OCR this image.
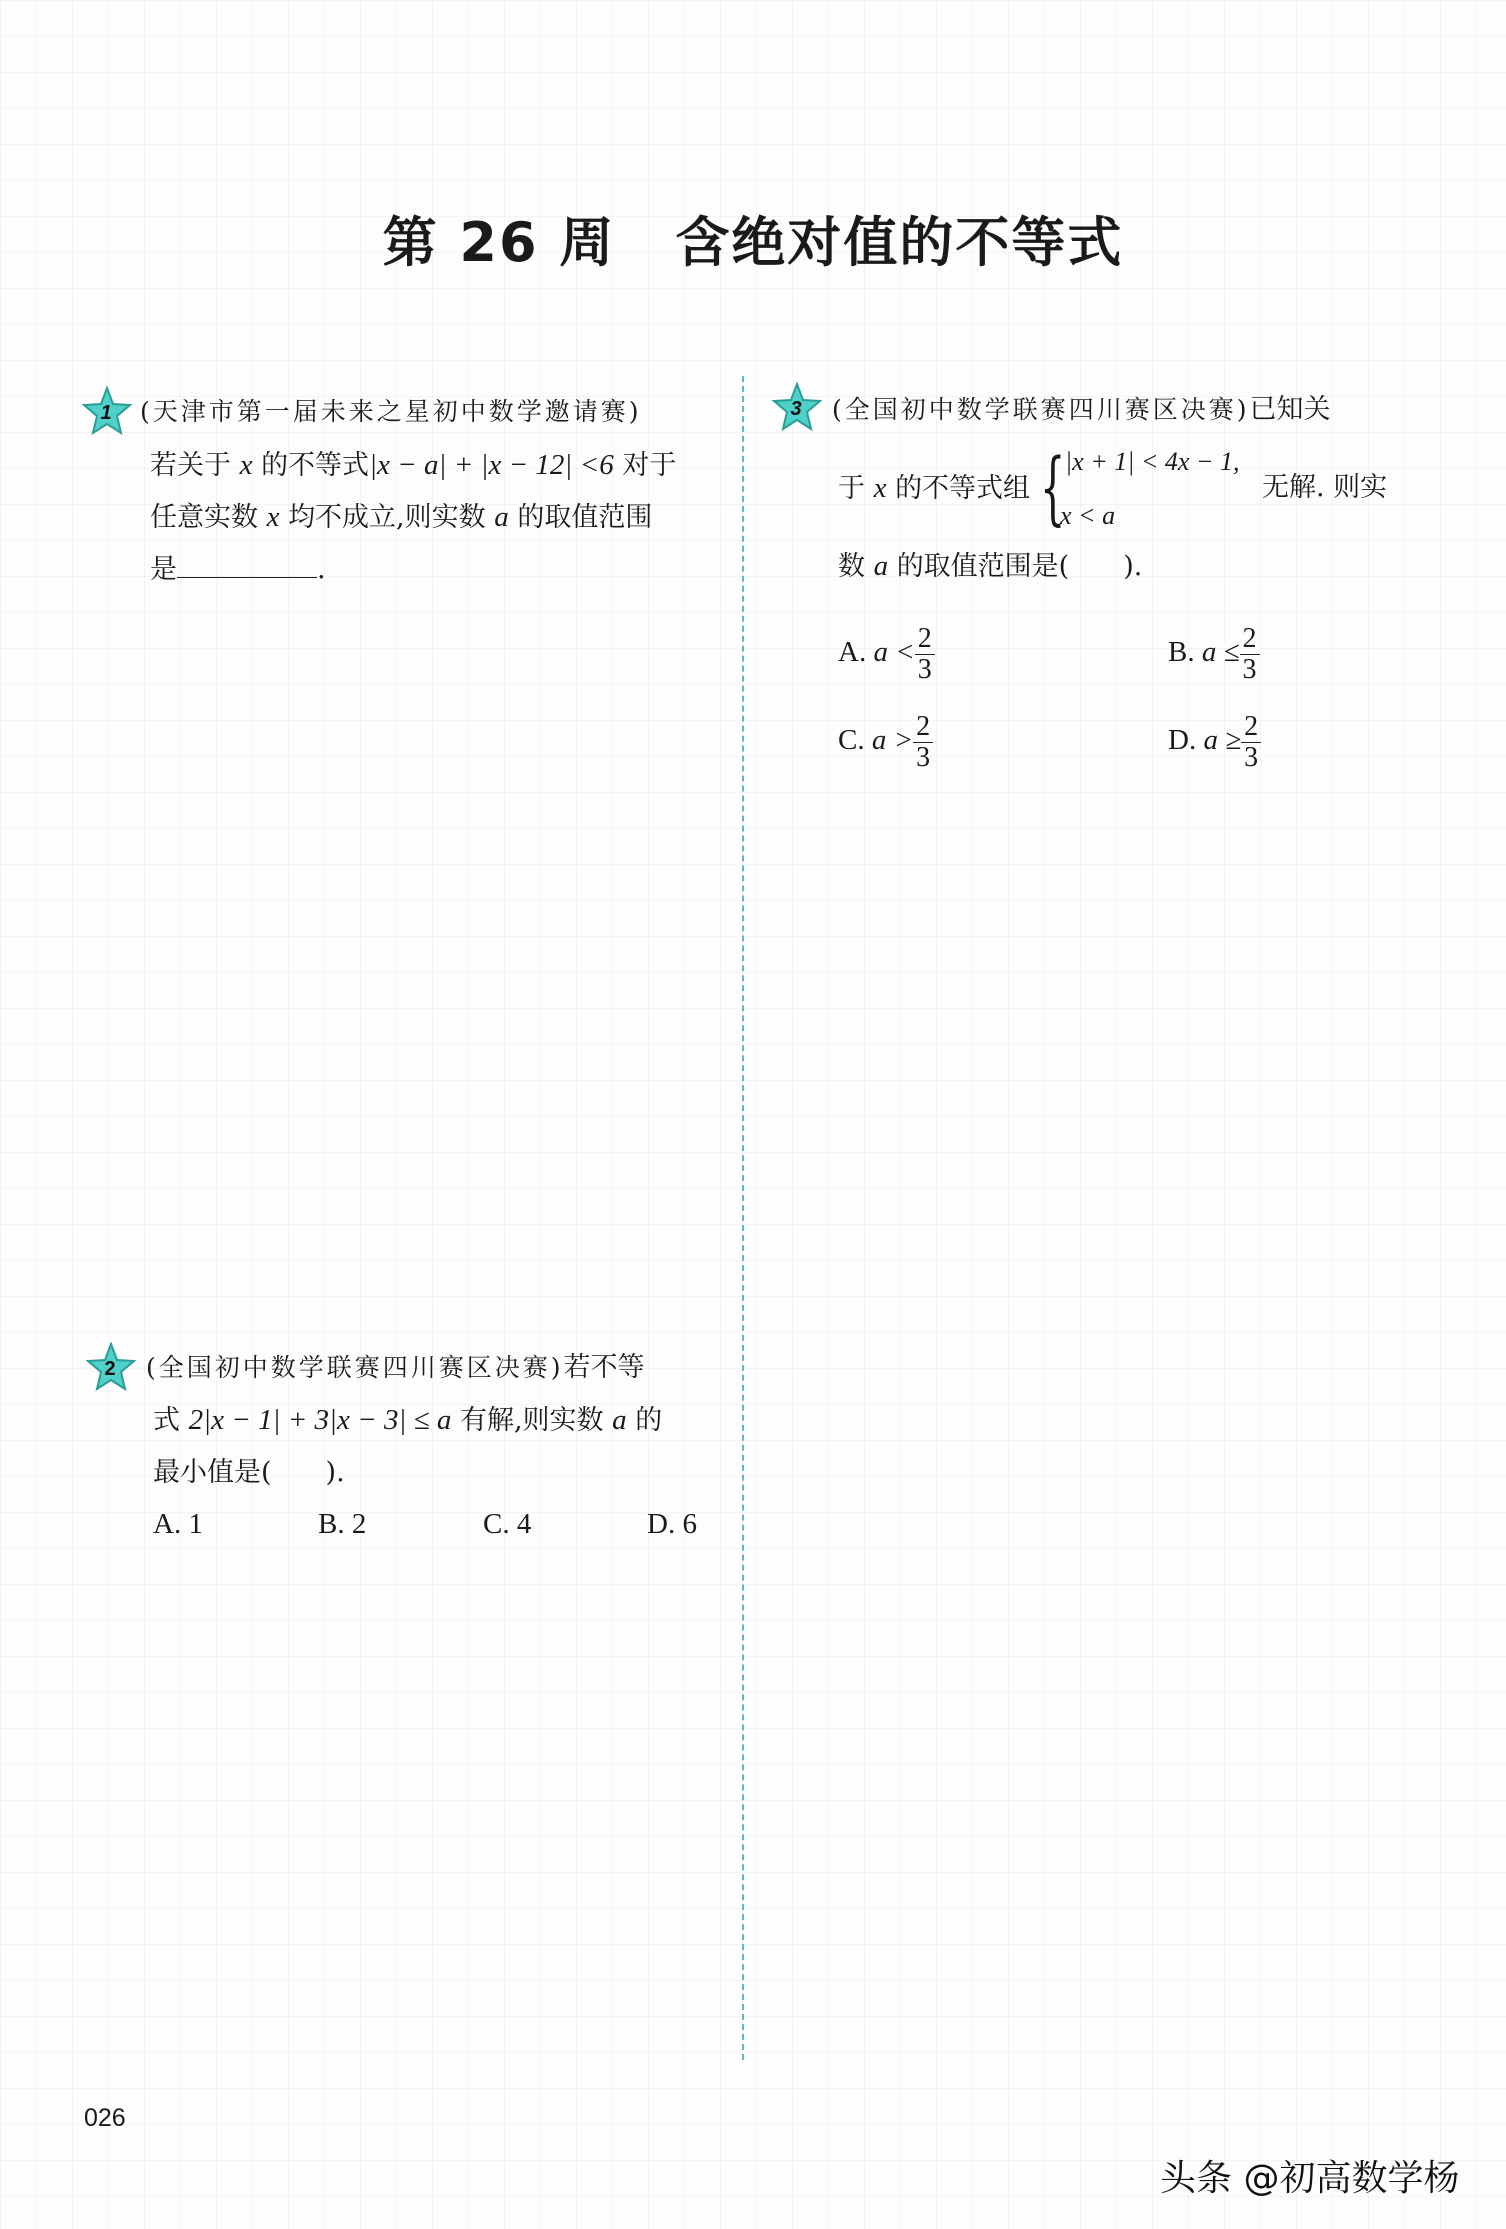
第 26 周 含绝对值的不等式
1 (天津市第一届未来之星初中数学邀请赛)
若关于 x 的不等式|x − a| + |x − 12| <6 对于
任意实数 x 均不成立,则实数 a 的取值范围
是	.
2 (全国初中数学联赛四川赛区决赛)若不等
式 2|x − 1| + 3|x − 3| ≤ a 有解,则实数 a 的
最小值是(　　).
A. 1	B. 2	C. 4	D. 6
3 (全国初中数学联赛四川赛区决赛)已知关
于 x 的不等式组 { |x + 1| < 4x − 1,
x < a
无解. 则实
数 a 的取值范围是(　　).
A. $a < \frac{2}{3}$	B. $a \le \frac{2}{3}$
C. $a > \frac{2}{3}$	D. $a \ge \frac{2}{3}$
026
头条 @初高数学杨
